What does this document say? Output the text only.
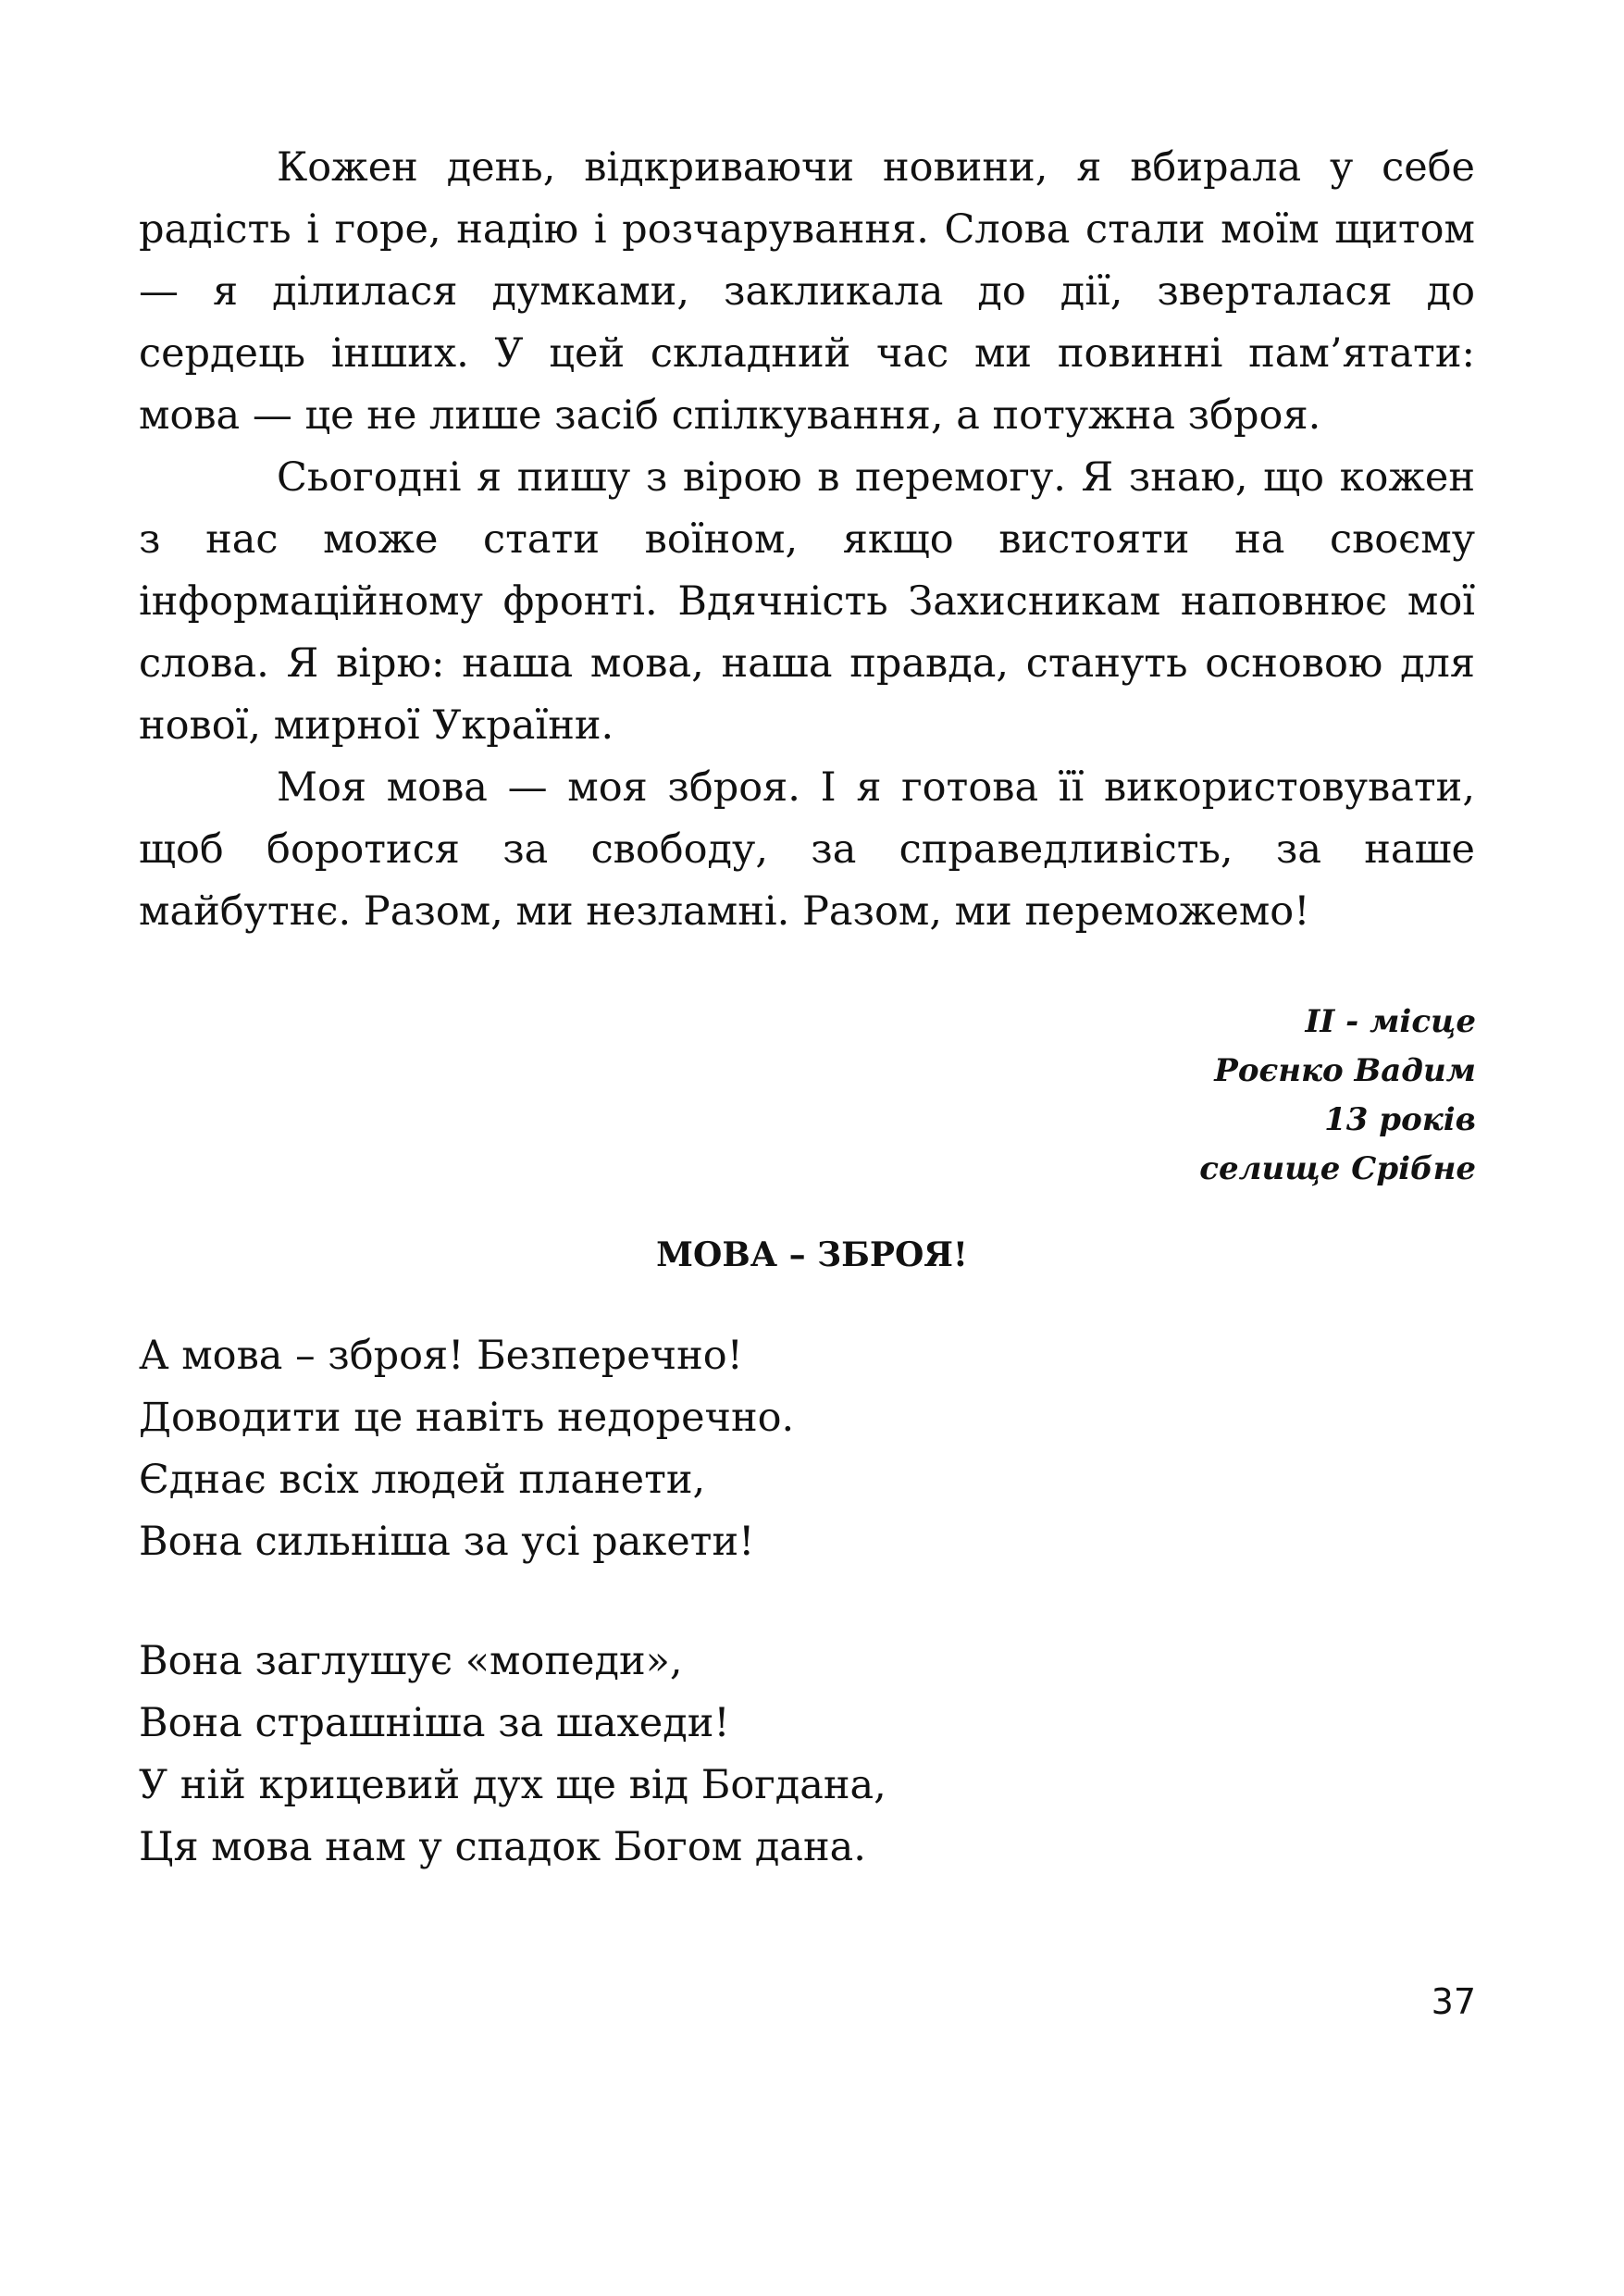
Кожен день, відкриваючи новини, я вбирала у себе радість і горе, надію і розчарування. Слова стали моїм щитом — я ділилася думками, закликала до дії, зверталася до сердець інших. У цей складний час ми повинні пам’ятати: мова — це не лише засіб спілкування, а потужна зброя.

Сьогодні я пишу з вірою в перемогу. Я знаю, що кожен з нас може стати воїном, якщо вистояти на своєму інформаційному фронті. Вдячність Захисникам наповнює мої слова. Я вірю: наша мова, наша правда, стануть основою для нової, мирної України.

Моя мова — моя зброя. І я готова її використовувати, щоб боротися за свободу, за справедливість, за наше майбутнє. Разом, ми незламні. Разом, ми переможемо!

ІІ - місце
Роєнко Вадим
13 років
селище Срібне
МОВА – ЗБРОЯ!
А мова – зброя! Безперечно!
Доводити це навіть недоречно.
Єднає всіх людей планети,
Вона сильніша за усі ракети!
Вона заглушує «мопеди»,
Вона страшніша за шахеди!
У ній крицевий дух ще від Богдана,
Ця мова нам у спадок Богом дана.
37
